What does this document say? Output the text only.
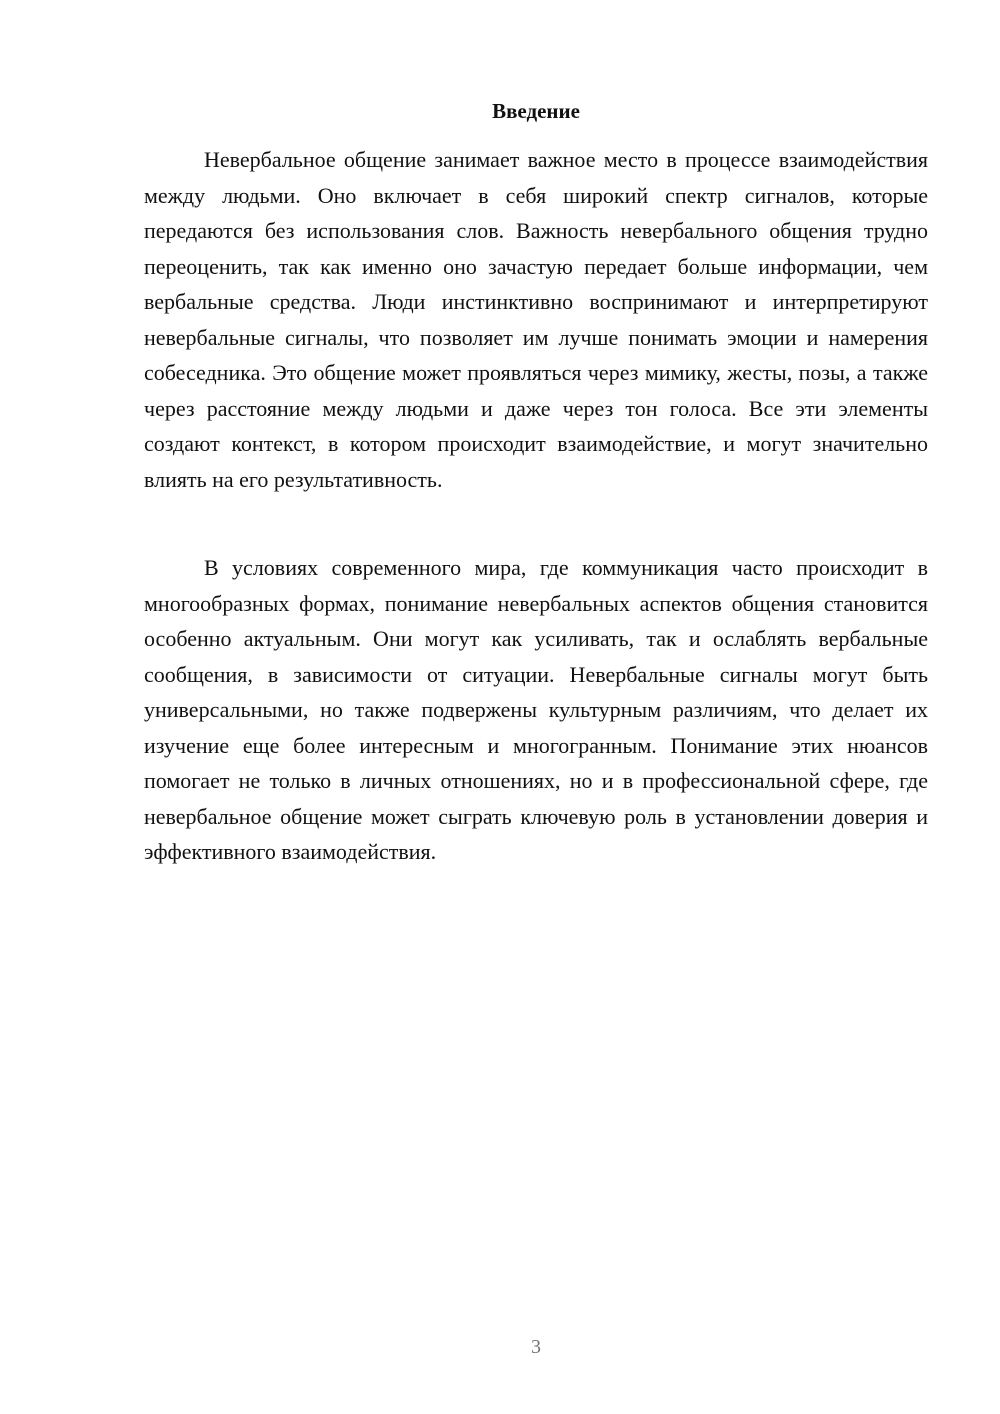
Введение

Невербальное общение занимает важное место в процессе взаимодействия между людьми. Оно включает в себя широкий спектр сигналов, которые передаются без использования слов. Важность невербального общения трудно переоценить, так как именно оно зачастую передает больше информации, чем вербальные средства. Люди инстинктивно воспринимают и интерпретируют невербальные сигналы, что позволяет им лучше понимать эмоции и намерения собеседника. Это общение может проявляться через мимику, жесты, позы, а также через расстояние между людьми и даже через тон голоса. Все эти элементы создают контекст, в котором происходит взаимодействие, и могут значительно влиять на его результативность.

В условиях современного мира, где коммуникация часто происходит в многообразных формах, понимание невербальных аспектов общения становится особенно актуальным. Они могут как усиливать, так и ослаблять вербальные сообщения, в зависимости от ситуации. Невербальные сигналы могут быть универсальными, но также подвержены культурным различиям, что делает их изучение еще более интересным и многогранным. Понимание этих нюансов помогает не только в личных отношениях, но и в профессиональной сфере, где невербальное общение может сыграть ключевую роль в установлении доверия и эффективного взаимодействия.

3
